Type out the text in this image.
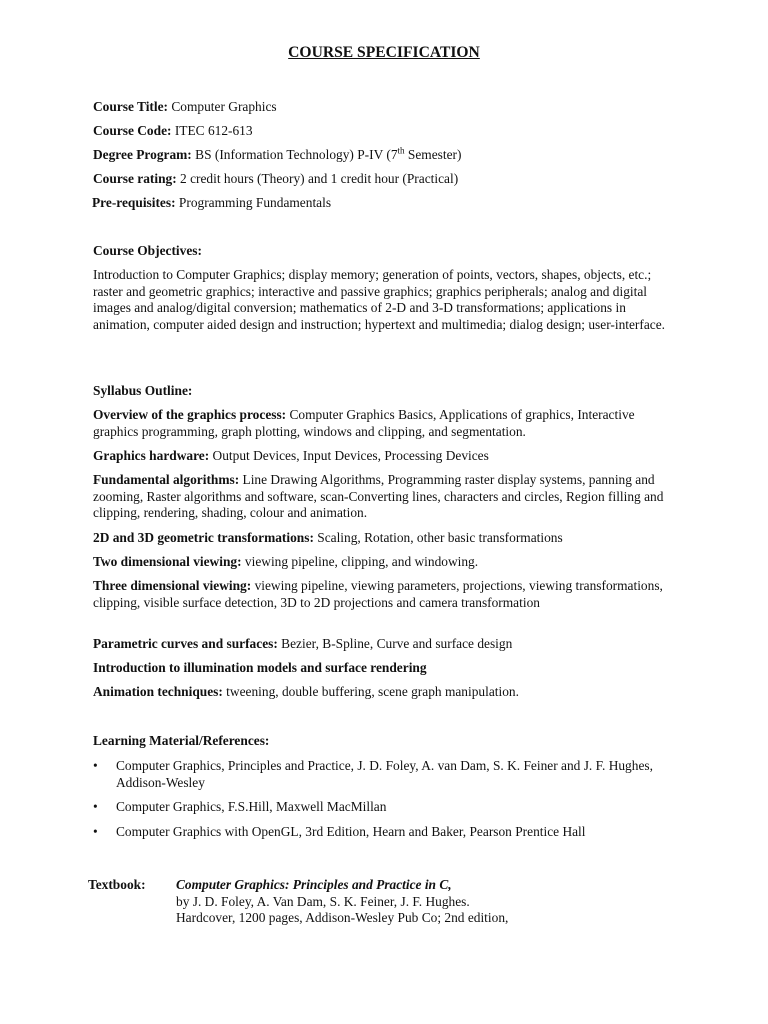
COURSE SPECIFICATION
Course Title: Computer Graphics
Course Code: ITEC 612-613
Degree Program: BS (Information Technology) P-IV (7th Semester)
Course rating: 2 credit hours (Theory) and 1 credit hour (Practical)
Pre-requisites: Programming Fundamentals
Course Objectives:

Introduction to Computer Graphics; display memory; generation of points, vectors, shapes, objects, etc.; raster and geometric graphics; interactive and passive graphics; graphics peripherals; analog and digital images and analog/digital conversion; mathematics of 2-D and 3-D transformations; applications in animation, computer aided design and instruction; hypertext and multimedia; dialog design; user-interface.

Syllabus Outline:
Overview of the graphics process: Computer Graphics Basics, Applications of graphics, Interactive graphics programming, graph plotting, windows and clipping, and segmentation.
Graphics hardware: Output Devices, Input Devices, Processing Devices
Fundamental algorithms: Line Drawing Algorithms, Programming raster display systems, panning and zooming, Raster algorithms and software, scan-Converting lines, characters and circles, Region filling and clipping, rendering, shading, colour and animation.
2D and 3D geometric transformations: Scaling, Rotation, other basic transformations
Two dimensional viewing: viewing pipeline, clipping, and windowing.
Three dimensional viewing: viewing pipeline, viewing parameters, projections, viewing transformations, clipping, visible surface detection, 3D to 2D projections and camera transformation
Parametric curves and surfaces: Bezier, B-Spline, Curve and surface design
Introduction to illumination models and surface rendering
Animation techniques: tweening, double buffering, scene graph manipulation.
Learning Material/References:
• Computer Graphics, Principles and Practice, J. D. Foley, A. van Dam, S. K. Feiner and J. F. Hughes, Addison-Wesley
• Computer Graphics, F.S.Hill, Maxwell MacMillan
• Computer Graphics with OpenGL, 3rd Edition, Hearn and Baker, Pearson Prentice Hall
Textbook: Computer Graphics: Principles and Practice in C,
by J. D. Foley, A. Van Dam, S. K. Feiner, J. F. Hughes.
Hardcover, 1200 pages, Addison-Wesley Pub Co; 2nd edition,
